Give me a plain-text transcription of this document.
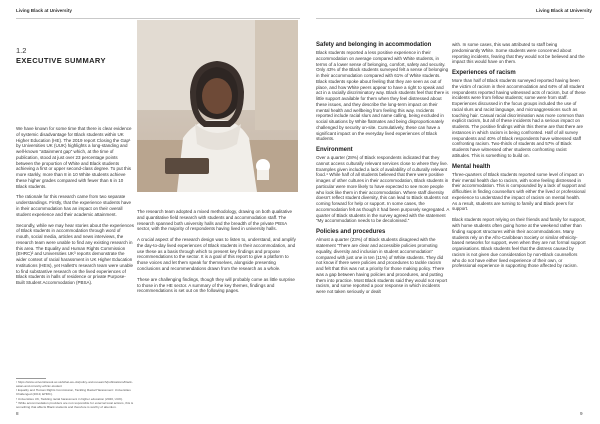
Living Black at University	Living Black at University
1.2
EXECUTIVE SUMMARY

We have known for some time that there is clear evidence of systemic disadvantage for Black students within UK Higher Education (HE). The 2019 report Closing the Gap¹ by Universities UK (UUK) highlights a long-standing and well-known “attainment gap” which, at the time of publication, stood at just over 23 percentage points between the proportion of White and Black students achieving a first or upper second-class degree. To put this more starkly, more than 8 in 10 White students achieve these higher grades compared with fewer than 6 in 10 Black students.

The rationale for this research came from two separate understandings. Firstly, that the experience students have in their accommodation has an impact on their overall student experience and their academic attainment.

Secondly, while we may hear stories about the experiences of Black students in accommodation through word of mouth, social media, articles and news interviews, the research team were unable to find any existing research in this area. The Equality and Human Rights Commission (EHRC)² and Universities UK³ reports demonstrate the wider context of racial harassment in UK Higher Education Institutions (HEIs), yet Hallett’s research team were unable to find substantive research on the lived experiences of Black students in halls of residence or private Purpose-Built Student Accommodation (PBSA).

The research team adopted a mixed methodology, drawing on both qualitative and quantitative field research with students and accommodation staff. The research spanned both university halls and the breadth of the private PBSA sector, with the majority of respondents having lived in university halls.

A crucial aspect of the research design was to listen to, understand, and amplify the day-to-day lived experiences of Black students in their accommodation, and use these as a basis through which to present key findings and propose recommendations to the sector. It is a goal of this report to give a platform to those voices and let them speak for themselves, alongside presenting conclusions and recommendations drawn from the research as a whole.

These are challenging findings, though they will probably come as little surprise to those in the HE sector. A summary of the key themes, findings and recommendations is set out on the following pages.

¹ https://www.universitiesuk.ac.uk/what-we-do/policy-and-research/publications/black-asian-and-minority-ethnic-student
² Equality and Human Rights Commission, Tackling Racial Harassment: Universities Challenged (2019, EHRC).
³ Universities UK, Tackling racial harassment in higher education (2020, UUK).
⁴ While accommodation providers are not responsible for external local actions, this is something that affects Black students and therefore is worthy of attention.
Safety and belonging in accommodation

Black students reported a less positive experience in their accommodation on average compared with White students, in terms of a lower sense of belonging, comfort, safety and security. Only 43% of the Black students surveyed felt a sense of belonging in their accommodation compared with 61% of White students. Black students spoke about feeling that they are seen as out of place, and how White peers appear to have a right to speak and act in a racially discriminatory way. Black students feel that there is little support available for them when they feel distressed about these issues, and they describe the long-term impact on their mental health and wellbeing from feeling this way. Incidents reported include racial slurs and name calling, being excluded in social situations by White flatmates and being disproportionately challenged by security on-site. Cumulatively, these can have a significant impact on the everyday lived experiences of Black students.

Environment

Over a quarter (28%) of Black respondents indicated that they cannot access culturally relevant services close to where they live. Examples given included a lack of availability of culturally relevant food.⁴ While half of all students believed that there were positive images of other cultures in their accommodation, Black students in particular were more likely to have expected to see more people who look like them in their accommodation. Where staff diversity doesn’t reflect student diversity, this can lead to Black students not coming forward for help or support. In some cases, the accommodation felt as though it had been purposely segregated. A quarter of Black students in the survey agreed with the statement “My accommodation needs to be decolonised.”

Policies and procedures

Almost a quarter (23%) of Black students disagreed with the statement “There are clear and accessible policies promoting equality, diversity and inclusion in student accommodation” compared with just one in ten (11%) of White students. They did not know if there were policies and procedures to tackle racism and felt that this was not a priority for those making policy. There was a gap between having policies and procedures, and putting them into practice. Most Black students said they would not report racism, and some reported a poor response in which incidents were not taken seriously or dealt

with. In some cases, this was attributed to staff being predominantly White. Some students were concerned about reporting incidents, fearing that they would not be believed and the impact this would have on them.

Experiences of racism

More than half of Black students surveyed reported having been the victim of racism in their accommodation and 64% of all student respondents reported having witnessed acts of racism, but of these incidents were from fellow students; some were from staff. Experiences discussed in the focus groups included the use of racial slurs and racist language, and microaggressions such as touching hair. Casual racial discrimination was more common than explicit racism, but all of these incidents had a serious impact on students. The positive findings within this theme are that there are instances in which racism is being confronted. Half of all survey respondents and 40% of Black respondents have witnessed staff confronting racism. Two-thirds of students and 57% of Black students have witnessed other students confronting racist attitudes. This is something to build on.

Mental health

Three-quarters of Black students reported some level of impact on their mental health due to racism, with some feeling distressed in their accommodation. This is compounded by a lack of support and difficulties in finding counsellors with either the lived or professional experience to understand the impact of racism on mental health. As a result, students are turning to family and Black peers for support.

Black students report relying on their friends and family for support, with home students often going home at the weekend rather than finding support structures within their accommodations. Many students rely on the Afro-Caribbean Society or similar ethnicity-based networks for support, even when they are not formal support organisations. Black students feel that the distress caused by racism is not given due consideration by non-Black counsellors who do not have either lived experience of their own, or professional experience in supporting those affected by racism.

8	9
